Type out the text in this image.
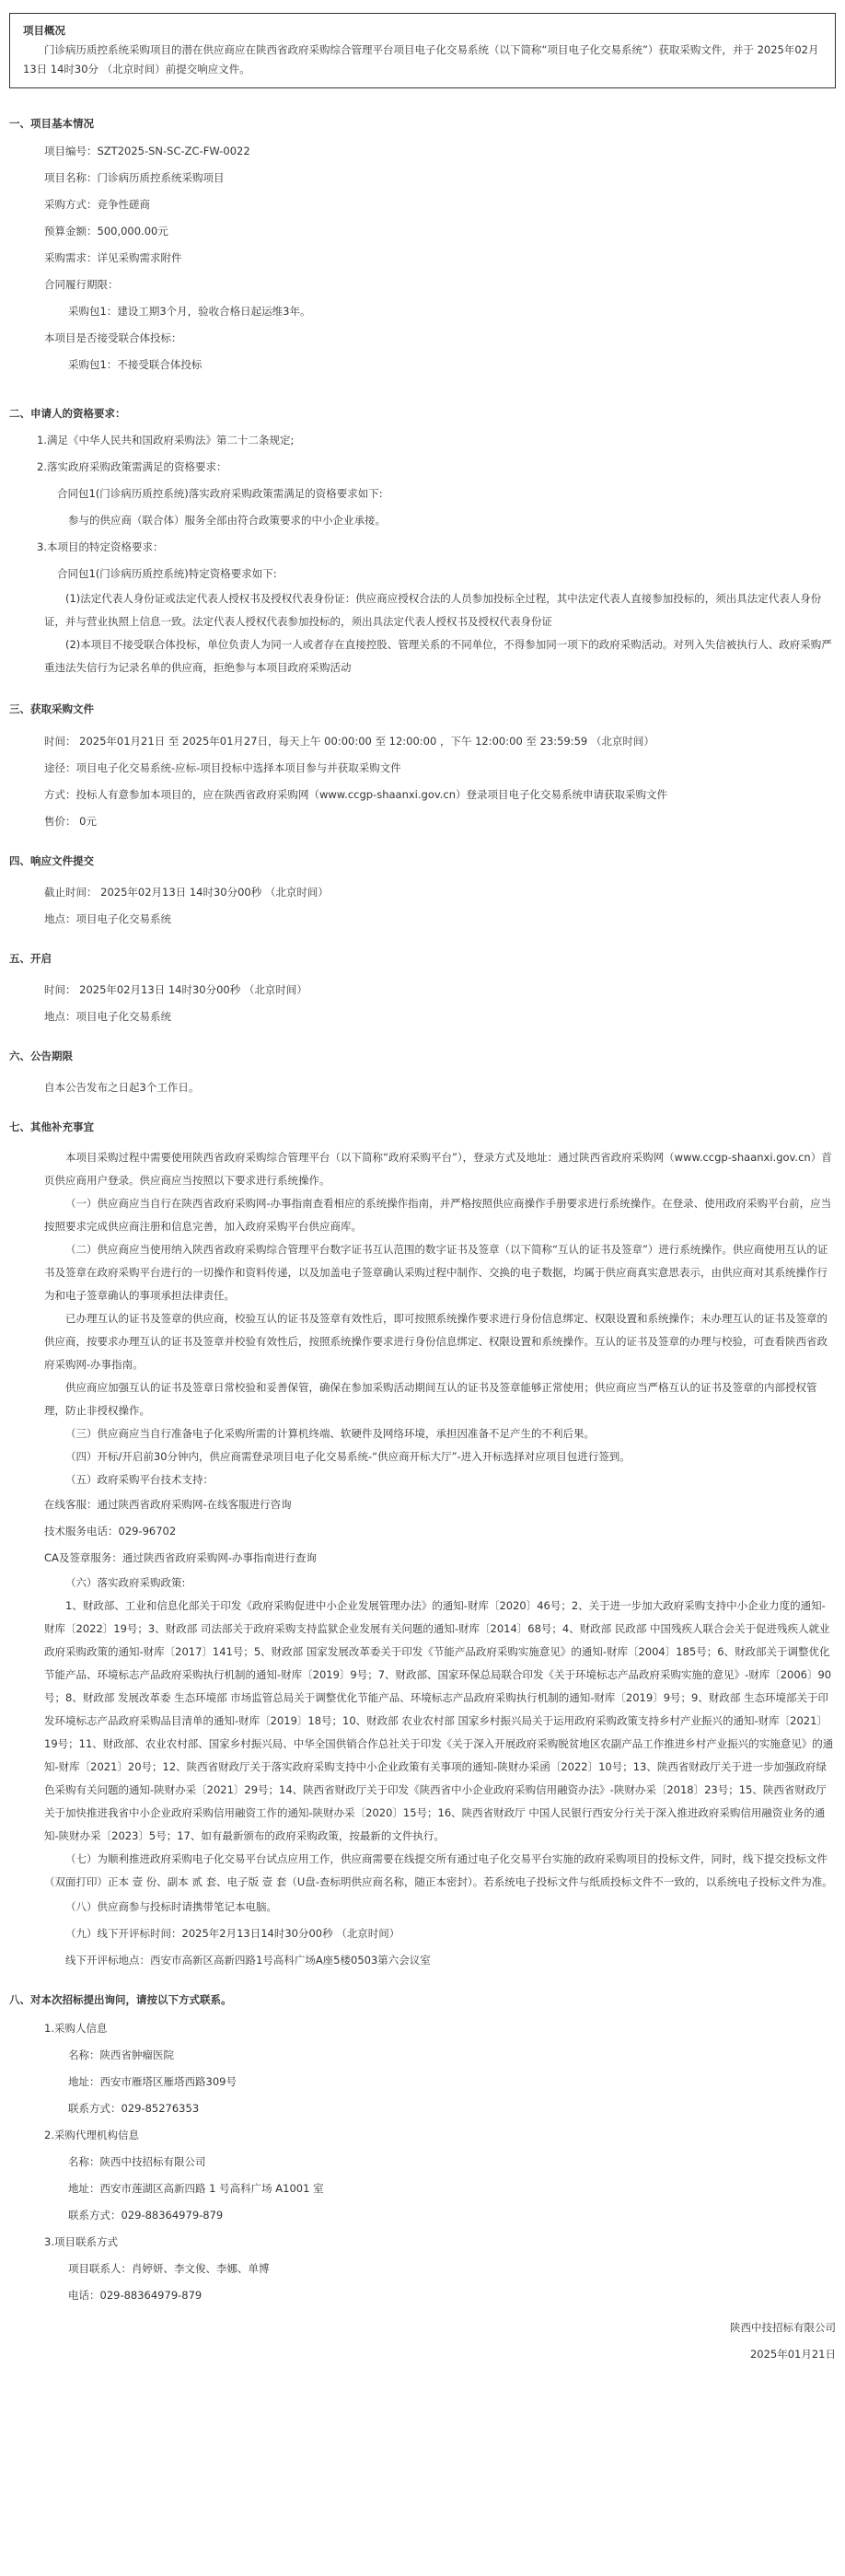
项目概况
门诊病历质控系统采购项目的潜在供应商应在陕西省政府采购综合管理平台项目电子化交易系统（以下简称“项目电子化交易系统”）获取采购文件，并于 2025年02月13日 14时30分 （北京时间）前提交响应文件。
一、项目基本情况
项目编号：SZT2025-SN-SC-ZC-FW-0022
项目名称：门诊病历质控系统采购项目
采购方式：竞争性磋商
预算金额：500,000.00元
采购需求：详见采购需求附件
合同履行期限：
采购包1：建设工期3个月，验收合格日起运维3年。
本项目是否接受联合体投标：
采购包1：不接受联合体投标
二、申请人的资格要求：
1.满足《中华人民共和国政府采购法》第二十二条规定;
2.落实政府采购政策需满足的资格要求：
合同包1(门诊病历质控系统)落实政府采购政策需满足的资格要求如下:
参与的供应商（联合体）服务全部由符合政策要求的中小企业承接。
3.本项目的特定资格要求：
合同包1(门诊病历质控系统)特定资格要求如下:
(1)法定代表人身份证或法定代表人授权书及授权代表身份证：供应商应授权合法的人员参加投标全过程，其中法定代表人直接参加投标的，须出具法定代表人身份证，并与营业执照上信息一致。法定代表人授权代表参加投标的，须出具法定代表人授权书及授权代表身份证
(2)本项目不接受联合体投标，单位负责人为同一人或者存在直接控股、管理关系的不同单位，不得参加同一项下的政府采购活动。对列入失信被执行人、政府采购严重违法失信行为记录名单的供应商，拒绝参与本项目政府采购活动
三、获取采购文件
时间： 2025年01月21日 至 2025年01月27日，每天上午 00:00:00 至 12:00:00 ，下午 12:00:00 至 23:59:59 （北京时间）
途径：项目电子化交易系统-应标-项目投标中选择本项目参与并获取采购文件
方式：投标人有意参加本项目的，应在陕西省政府采购网（www.ccgp-shaanxi.gov.cn）登录项目电子化交易系统申请获取采购文件
售价： 0元
四、响应文件提交
截止时间： 2025年02月13日 14时30分00秒 （北京时间）
地点：项目电子化交易系统
五、开启
时间： 2025年02月13日 14时30分00秒 （北京时间）
地点：项目电子化交易系统
六、公告期限
自本公告发布之日起3个工作日。
七、其他补充事宜
本项目采购过程中需要使用陕西省政府采购综合管理平台（以下简称“政府采购平台”），登录方式及地址：通过陕西省政府采购网（www.ccgp-shaanxi.gov.cn）首页供应商用户登录。供应商应当按照以下要求进行系统操作。
（一）供应商应当自行在陕西省政府采购网-办事指南查看相应的系统操作指南，并严格按照供应商操作手册要求进行系统操作。在登录、使用政府采购平台前，应当按照要求完成供应商注册和信息完善，加入政府采购平台供应商库。
（二）供应商应当使用纳入陕西省政府采购综合管理平台数字证书互认范围的数字证书及签章（以下简称“互认的证书及签章”）进行系统操作。供应商使用互认的证书及签章在政府采购平台进行的一切操作和资料传递，以及加盖电子签章确认采购过程中制作、交换的电子数据，均属于供应商真实意思表示，由供应商对其系统操作行为和电子签章确认的事项承担法律责任。
已办理互认的证书及签章的供应商，校验互认的证书及签章有效性后，即可按照系统操作要求进行身份信息绑定、权限设置和系统操作；未办理互认的证书及签章的供应商，按要求办理互认的证书及签章并校验有效性后，按照系统操作要求进行身份信息绑定、权限设置和系统操作。互认的证书及签章的办理与校验，可查看陕西省政府采购网-办事指南。
供应商应加强互认的证书及签章日常校验和妥善保管，确保在参加采购活动期间互认的证书及签章能够正常使用；供应商应当严格互认的证书及签章的内部授权管理，防止非授权操作。
（三）供应商应当自行准备电子化采购所需的计算机终端、软硬件及网络环境，承担因准备不足产生的不利后果。
（四）开标/开启前30分钟内，供应商需登录项目电子化交易系统-“供应商开标大厅”-进入开标选择对应项目包进行签到。
（五）政府采购平台技术支持：
在线客服：通过陕西省政府采购网-在线客服进行咨询
技术服务电话：029-96702
CA及签章服务：通过陕西省政府采购网-办事指南进行查询
（六）落实政府采购政策:
1、财政部、工业和信息化部关于印发《政府采购促进中小企业发展管理办法》的通知-财库〔2020〕46号；2、关于进一步加大政府采购支持中小企业力度的通知-财库〔2022〕19号；3、财政部 司法部关于政府采购支持监狱企业发展有关问题的通知-财库〔2014〕68号；4、财政部 民政部 中国残疾人联合会关于促进残疾人就业政府采购政策的通知-财库〔2017〕141号；5、财政部 国家发展改革委关于印发《节能产品政府采购实施意见》的通知-财库〔2004〕185号；6、财政部关于调整优化节能产品、环境标志产品政府采购执行机制的通知-财库〔2019〕9号；7、财政部、国家环保总局联合印发《关于环境标志产品政府采购实施的意见》-财库〔2006〕90号；8、财政部 发展改革委 生态环境部 市场监管总局关于调整优化节能产品、环境标志产品政府采购执行机制的通知-财库〔2019〕9号；9、财政部 生态环境部关于印发环境标志产品政府采购品目清单的通知-财库〔2019〕18号；10、财政部 农业农村部 国家乡村振兴局关于运用政府采购政策支持乡村产业振兴的通知-财库〔2021〕19号；11、财政部、农业农村部、国家乡村振兴局、中华全国供销合作总社关于印发《关于深入开展政府采购脱贫地区农副产品工作推进乡村产业振兴的实施意见》的通知-财库〔2021〕20号；12、陕西省财政厅关于落实政府采购支持中小企业政策有关事项的通知-陕财办采函〔2022〕10号；13、陕西省财政厅关于进一步加强政府绿色采购有关问题的通知-陕财办采〔2021〕29号；14、陕西省财政厅关于印发《陕西省中小企业政府采购信用融资办法》-陕财办采〔2018〕23号；15、陕西省财政厅关于加快推进我省中小企业政府采购信用融资工作的通知-陕财办采〔2020〕15号；16、陕西省财政厅 中国人民银行西安分行关于深入推进政府采购信用融资业务的通知-陕财办采〔2023〕5号；17、如有最新颁布的政府采购政策，按最新的文件执行。
（七）为顺利推进政府采购电子化交易平台试点应用工作，供应商需要在线提交所有通过电子化交易平台实施的政府采购项目的投标文件，同时，线下提交投标文件（双面打印）正本 壹 份、副本 贰 套、电子版 壹 套（U盘-查标明供应商名称，随正本密封）。若系统电子投标文件与纸质投标文件不一致的，以系统电子投标文件为准。
（八）供应商参与投标时请携带笔记本电脑。
（九）线下开评标时间：2025年2月13日14时30分00秒 （北京时间）
线下开评标地点：西安市高新区高新四路1号高科广场A座5楼0503第六会议室
八、对本次招标提出询问，请按以下方式联系。
1.采购人信息
名称：陕西省肿瘤医院
地址：西安市雁塔区雁塔西路309号
联系方式：029-85276353
2.采购代理机构信息
名称：陕西中技招标有限公司
地址：西安市莲湖区高新四路 1 号高科广场 A1001 室
联系方式：029-88364979-879
3.项目联系方式
项目联系人：肖婷妍、李文俊、李娜、单博
电话：029-88364979-879
陕西中技招标有限公司
2025年01月21日
